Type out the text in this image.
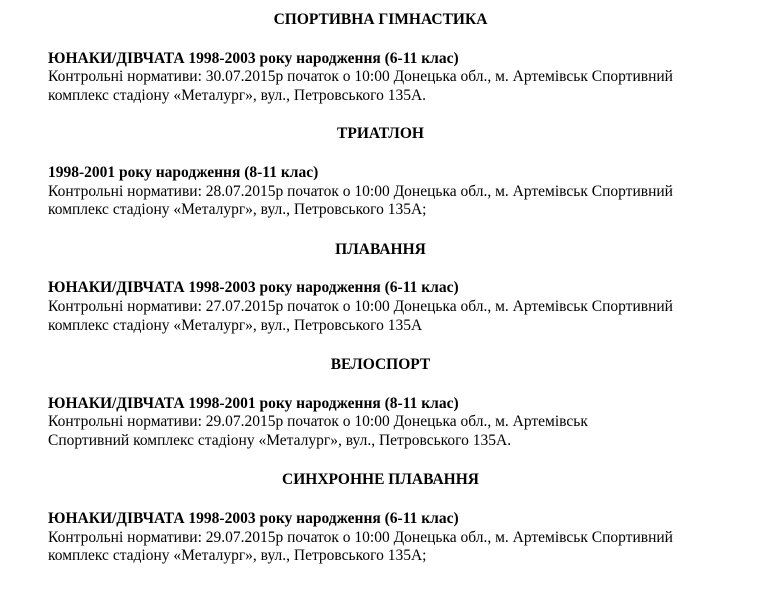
СПОРТИВНА ГІМНАСТИКА
ЮНАКИ/ДІВЧАТА 1998-2003 року народження (6-11 клас)
Контрольні нормативи: 30.07.2015р початок о 10:00 Донецька обл., м. Артемівськ Спортивний
комплекс стадіону «Металург», вул., Петровського 135А.
ТРИАТЛОН
1998-2001 року народження (8-11 клас)
Контрольні нормативи: 28.07.2015р початок о 10:00 Донецька обл., м. Артемівськ Спортивний
комплекс стадіону «Металург», вул., Петровського 135А;
ПЛАВАННЯ
ЮНАКИ/ДІВЧАТА 1998-2003 року народження (6-11 клас)
Контрольні нормативи: 27.07.2015р початок о 10:00 Донецька обл., м. Артемівськ Спортивний
комплекс стадіону «Металург», вул., Петровського 135А
ВЕЛОСПОРТ
ЮНАКИ/ДІВЧАТА 1998-2001 року народження (8-11 клас)
Контрольні нормативи: 29.07.2015р початок о 10:00 Донецька обл., м. Артемівськ
Спортивний комплекс стадіону «Металург», вул., Петровського 135А.
СИНХРОННЕ ПЛАВАННЯ
ЮНАКИ/ДІВЧАТА 1998-2003 року народження (6-11 клас)
Контрольні нормативи: 29.07.2015р початок о 10:00 Донецька обл., м. Артемівськ Спортивний
комплекс стадіону «Металург», вул., Петровського 135А;
